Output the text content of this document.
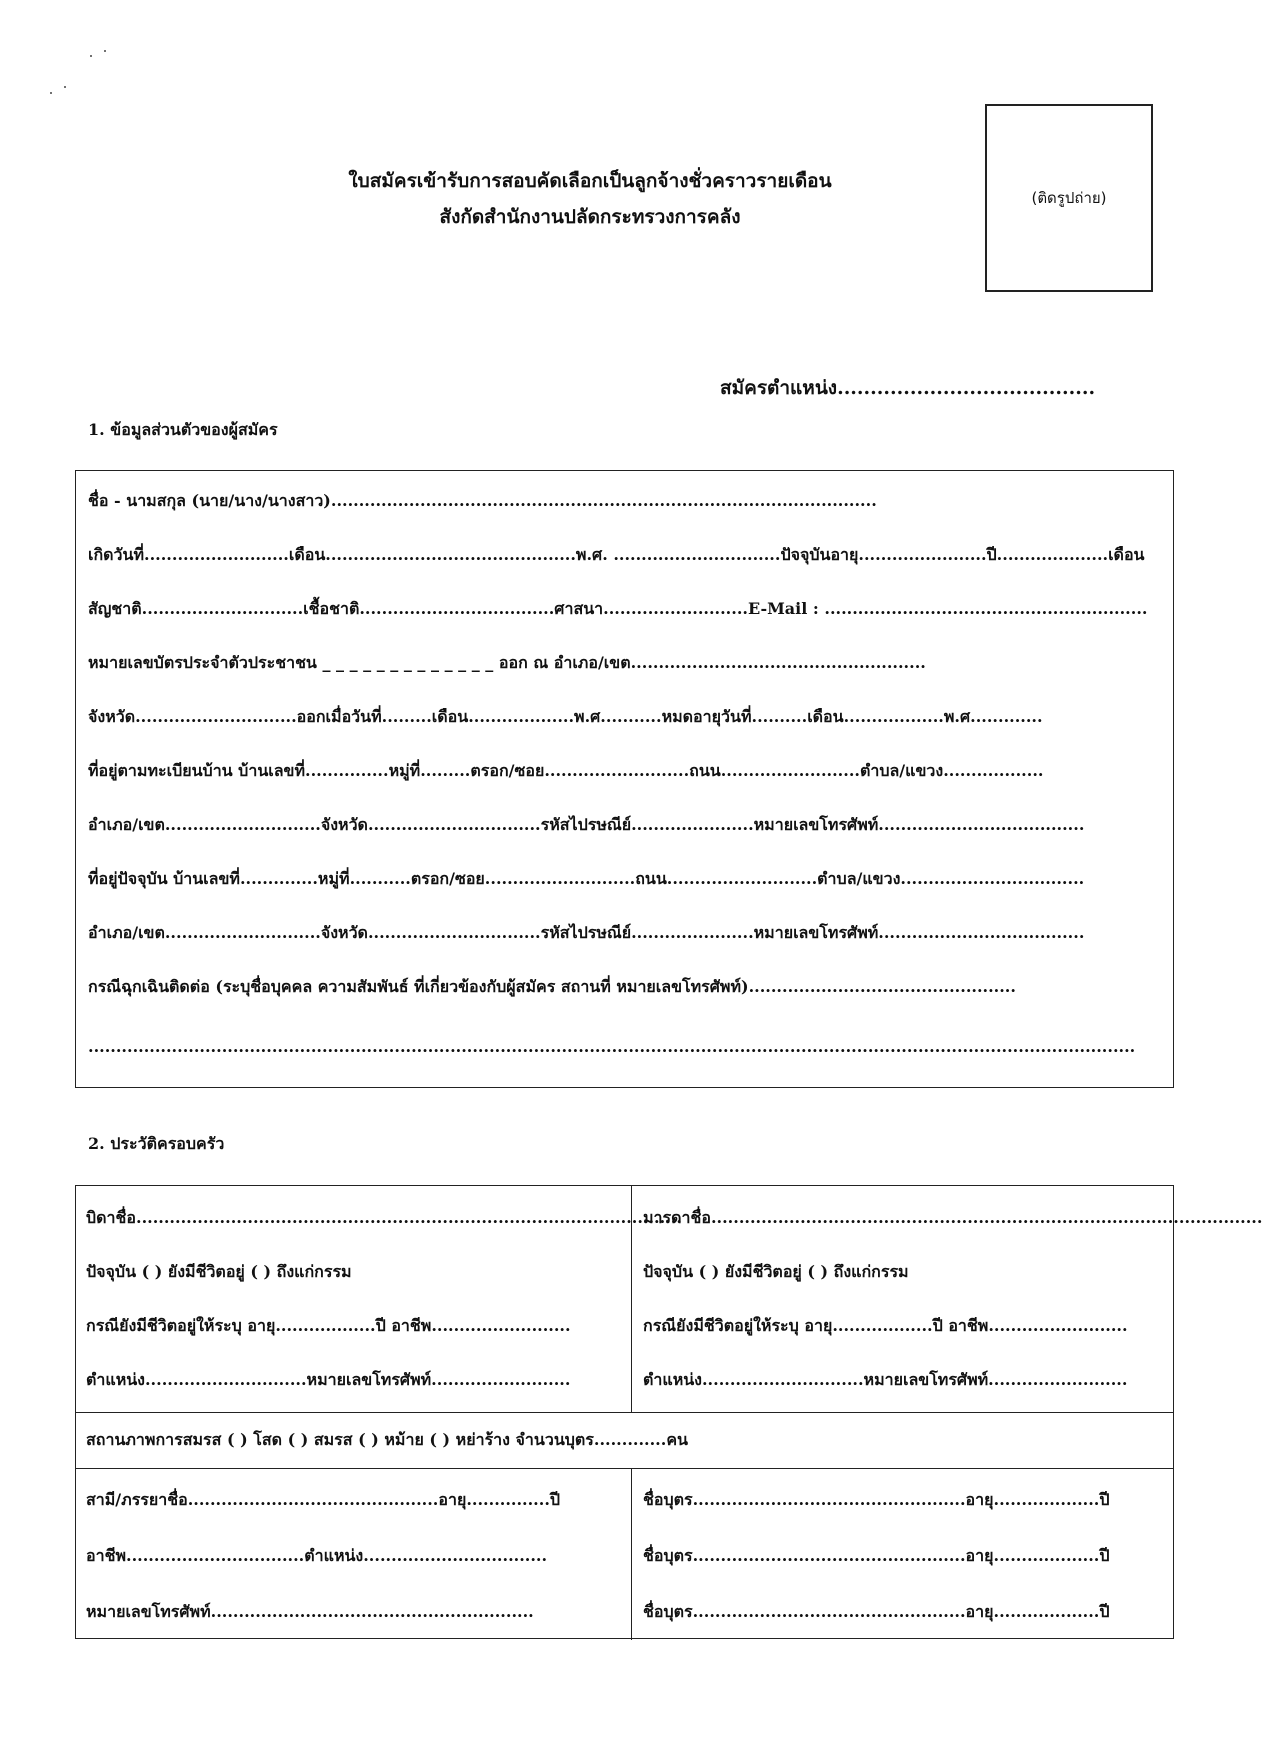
ใบสมัครเข้ารับการสอบคัดเลือกเป็นลูกจ้างชั่วคราวรายเดือน
สังกัดสำนักงานปลัดกระทรวงการคลัง
(ติดรูปถ่าย)
สมัครตำแหน่ง.......................................
1. ข้อมูลส่วนตัวของผู้สมัคร
ชื่อ - นามสกุล (นาย/นาง/นางสาว)..................................................................................................
เกิดวันที่..........................เดือน.............................................พ.ศ. ..............................ปัจจุบันอายุ.......................ปี....................เดือน
สัญชาติ.............................เชื้อชาติ...................................ศาสนา..........................E-Mail : ..........................................................
หมายเลขบัตรประจำตัวประชาชน _ _ _ _ _ _ _ _ _ _ _ _ _ ออก ณ อำเภอ/เขต.....................................................
จังหวัด.............................ออกเมื่อวันที่.........เดือน...................พ.ศ...........หมดอายุวันที่..........เดือน..................พ.ศ.............
ที่อยู่ตามทะเบียนบ้าน บ้านเลขที่...............หมู่ที่.........ตรอก/ซอย..........................ถนน.........................ตำบล/แขวง..................
อำเภอ/เขต............................จังหวัด...............................รหัสไปรษณีย์......................หมายเลขโทรศัพท์.....................................
ที่อยู่ปัจจุบัน บ้านเลขที่..............หมู่ที่...........ตรอก/ซอย...........................ถนน...........................ตำบล/แขวง.................................
อำเภอ/เขต............................จังหวัด...............................รหัสไปรษณีย์......................หมายเลขโทรศัพท์.....................................
กรณีฉุกเฉินติดต่อ (ระบุชื่อบุคคล ความสัมพันธ์ ที่เกี่ยวข้องกับผู้สมัคร สถานที่ หมายเลขโทรศัพท์)................................................
............................................................................................................................................................................................
2. ประวัติครอบครัว
บิดาชื่อ..................................................................................................
ปัจจุบัน ( ) ยังมีชีวิตอยู่ ( ) ถึงแก่กรรม
กรณียังมีชีวิตอยู่ให้ระบุ อายุ..................ปี อาชีพ.........................
ตำแหน่ง.............................หมายเลขโทรศัพท์.........................
มารดาชื่อ...................................................................................................
ปัจจุบัน ( ) ยังมีชีวิตอยู่ ( ) ถึงแก่กรรม
กรณียังมีชีวิตอยู่ให้ระบุ อายุ..................ปี อาชีพ.........................
ตำแหน่ง.............................หมายเลขโทรศัพท์.........................
สถานภาพการสมรส ( ) โสด ( ) สมรส ( ) หม้าย ( ) หย่าร้าง จำนวนบุตร.............คน
สามี/ภรรยาชื่อ.............................................อายุ...............ปี
อาชีพ................................ตำแหน่ง.................................
หมายเลขโทรศัพท์..........................................................
ชื่อบุตร.................................................อายุ...................ปี
ชื่อบุตร.................................................อายุ...................ปี
ชื่อบุตร.................................................อายุ...................ปี
